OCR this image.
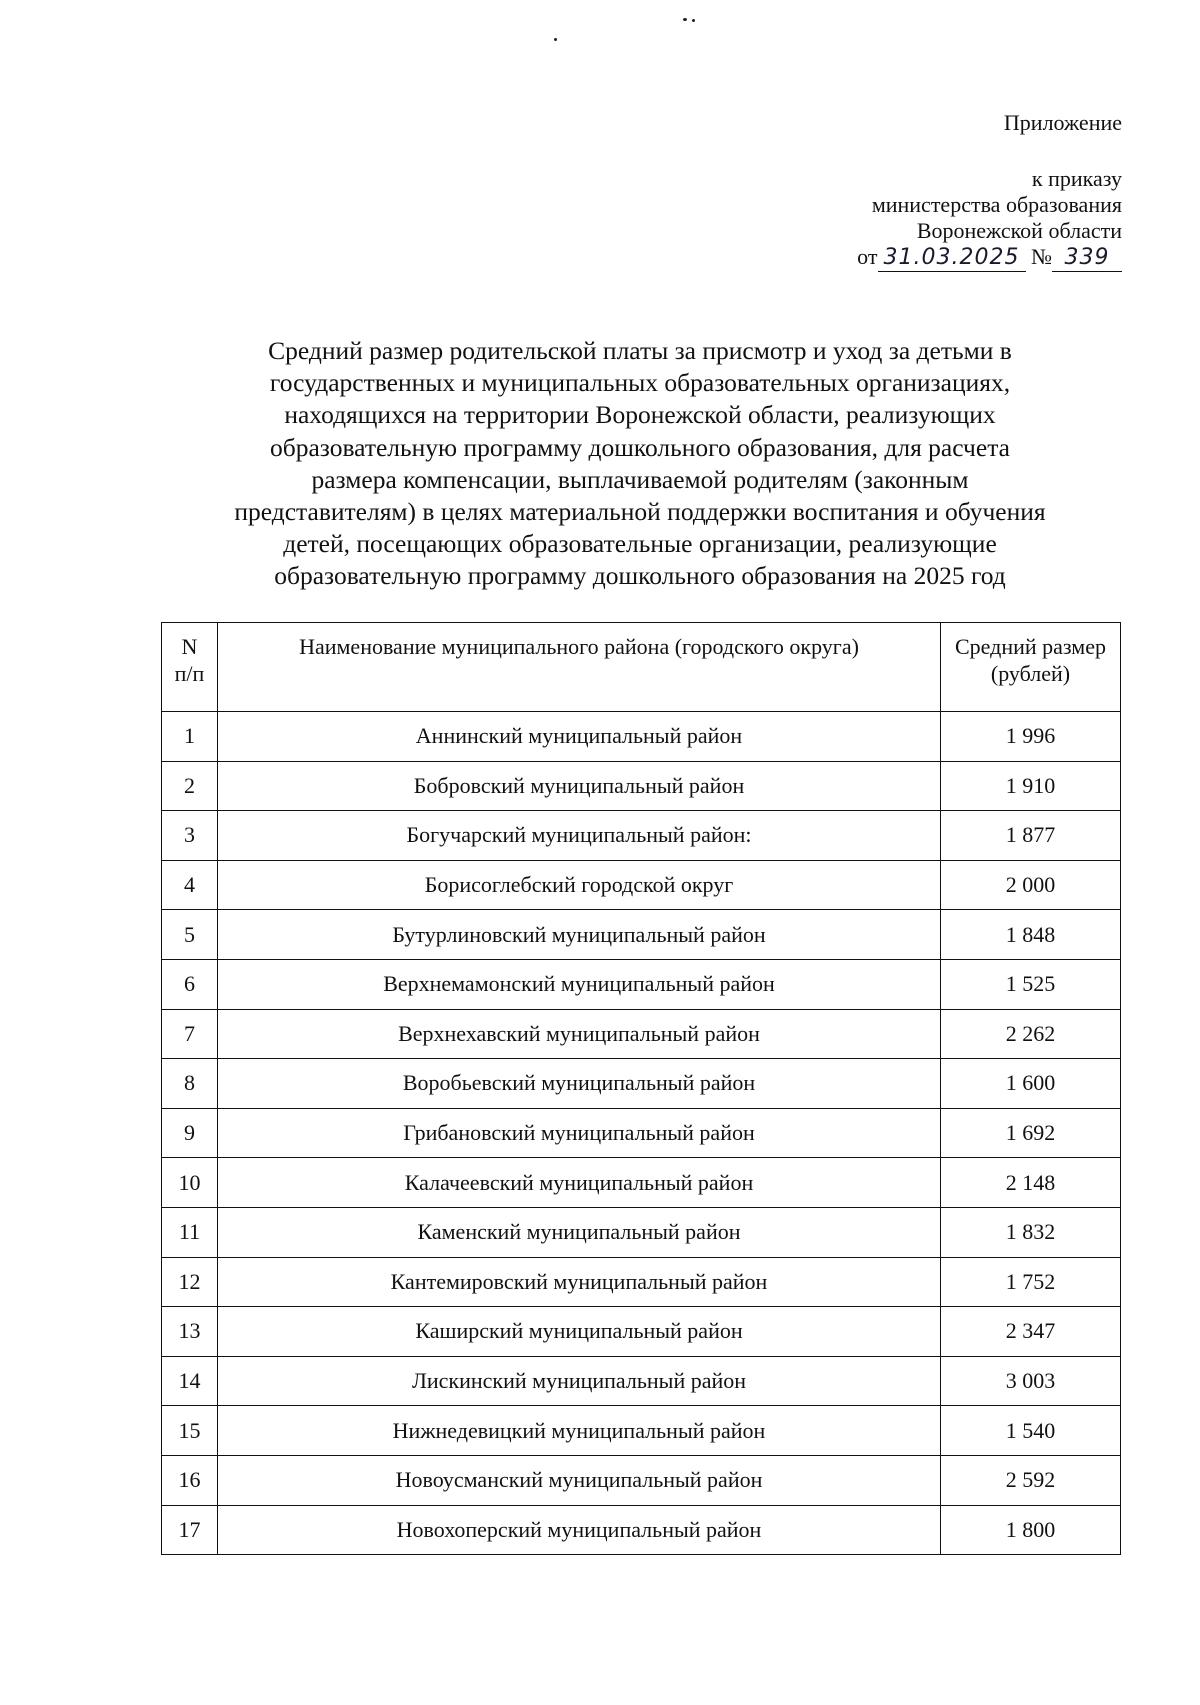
Приложение
к приказу
министерства образования
Воронежской области
от 31.03.2025 № 339
Средний размер родительской платы за присмотр и уход за детьми в
государственных и муниципальных образовательных организациях,
находящихся на территории Воронежской области, реализующих
образовательную программу дошкольного образования, для расчета
размера компенсации, выплачиваемой родителям (законным
представителям) в целях материальной поддержки воспитания и обучения
детей, посещающих образовательные организации, реализующие
образовательную программу дошкольного образования на 2025 год
N
п/п	Наименование муниципального района (городского округа)	Средний размер
(рублей)
1	Аннинский муниципальный район	1 996
2	Бобровский муниципальный район	1 910
3	Богучарский муниципальный район:	1 877
4	Борисоглебский городской округ	2 000
5	Бутурлиновский муниципальный район	1 848
6	Верхнемамонский муниципальный район	1 525
7	Верхнехавский муниципальный район	2 262
8	Воробьевский муниципальный район	1 600
9	Грибановский муниципальный район	1 692
10	Калачеевский муниципальный район	2 148
11	Каменский муниципальный район	1 832
12	Кантемировский муниципальный район	1 752
13	Каширский муниципальный район	2 347
14	Лискинский муниципальный район	3 003
15	Нижнедевицкий муниципальный район	1 540
16	Новоусманский муниципальный район	2 592
17	Новохоперский муниципальный район	1 800
